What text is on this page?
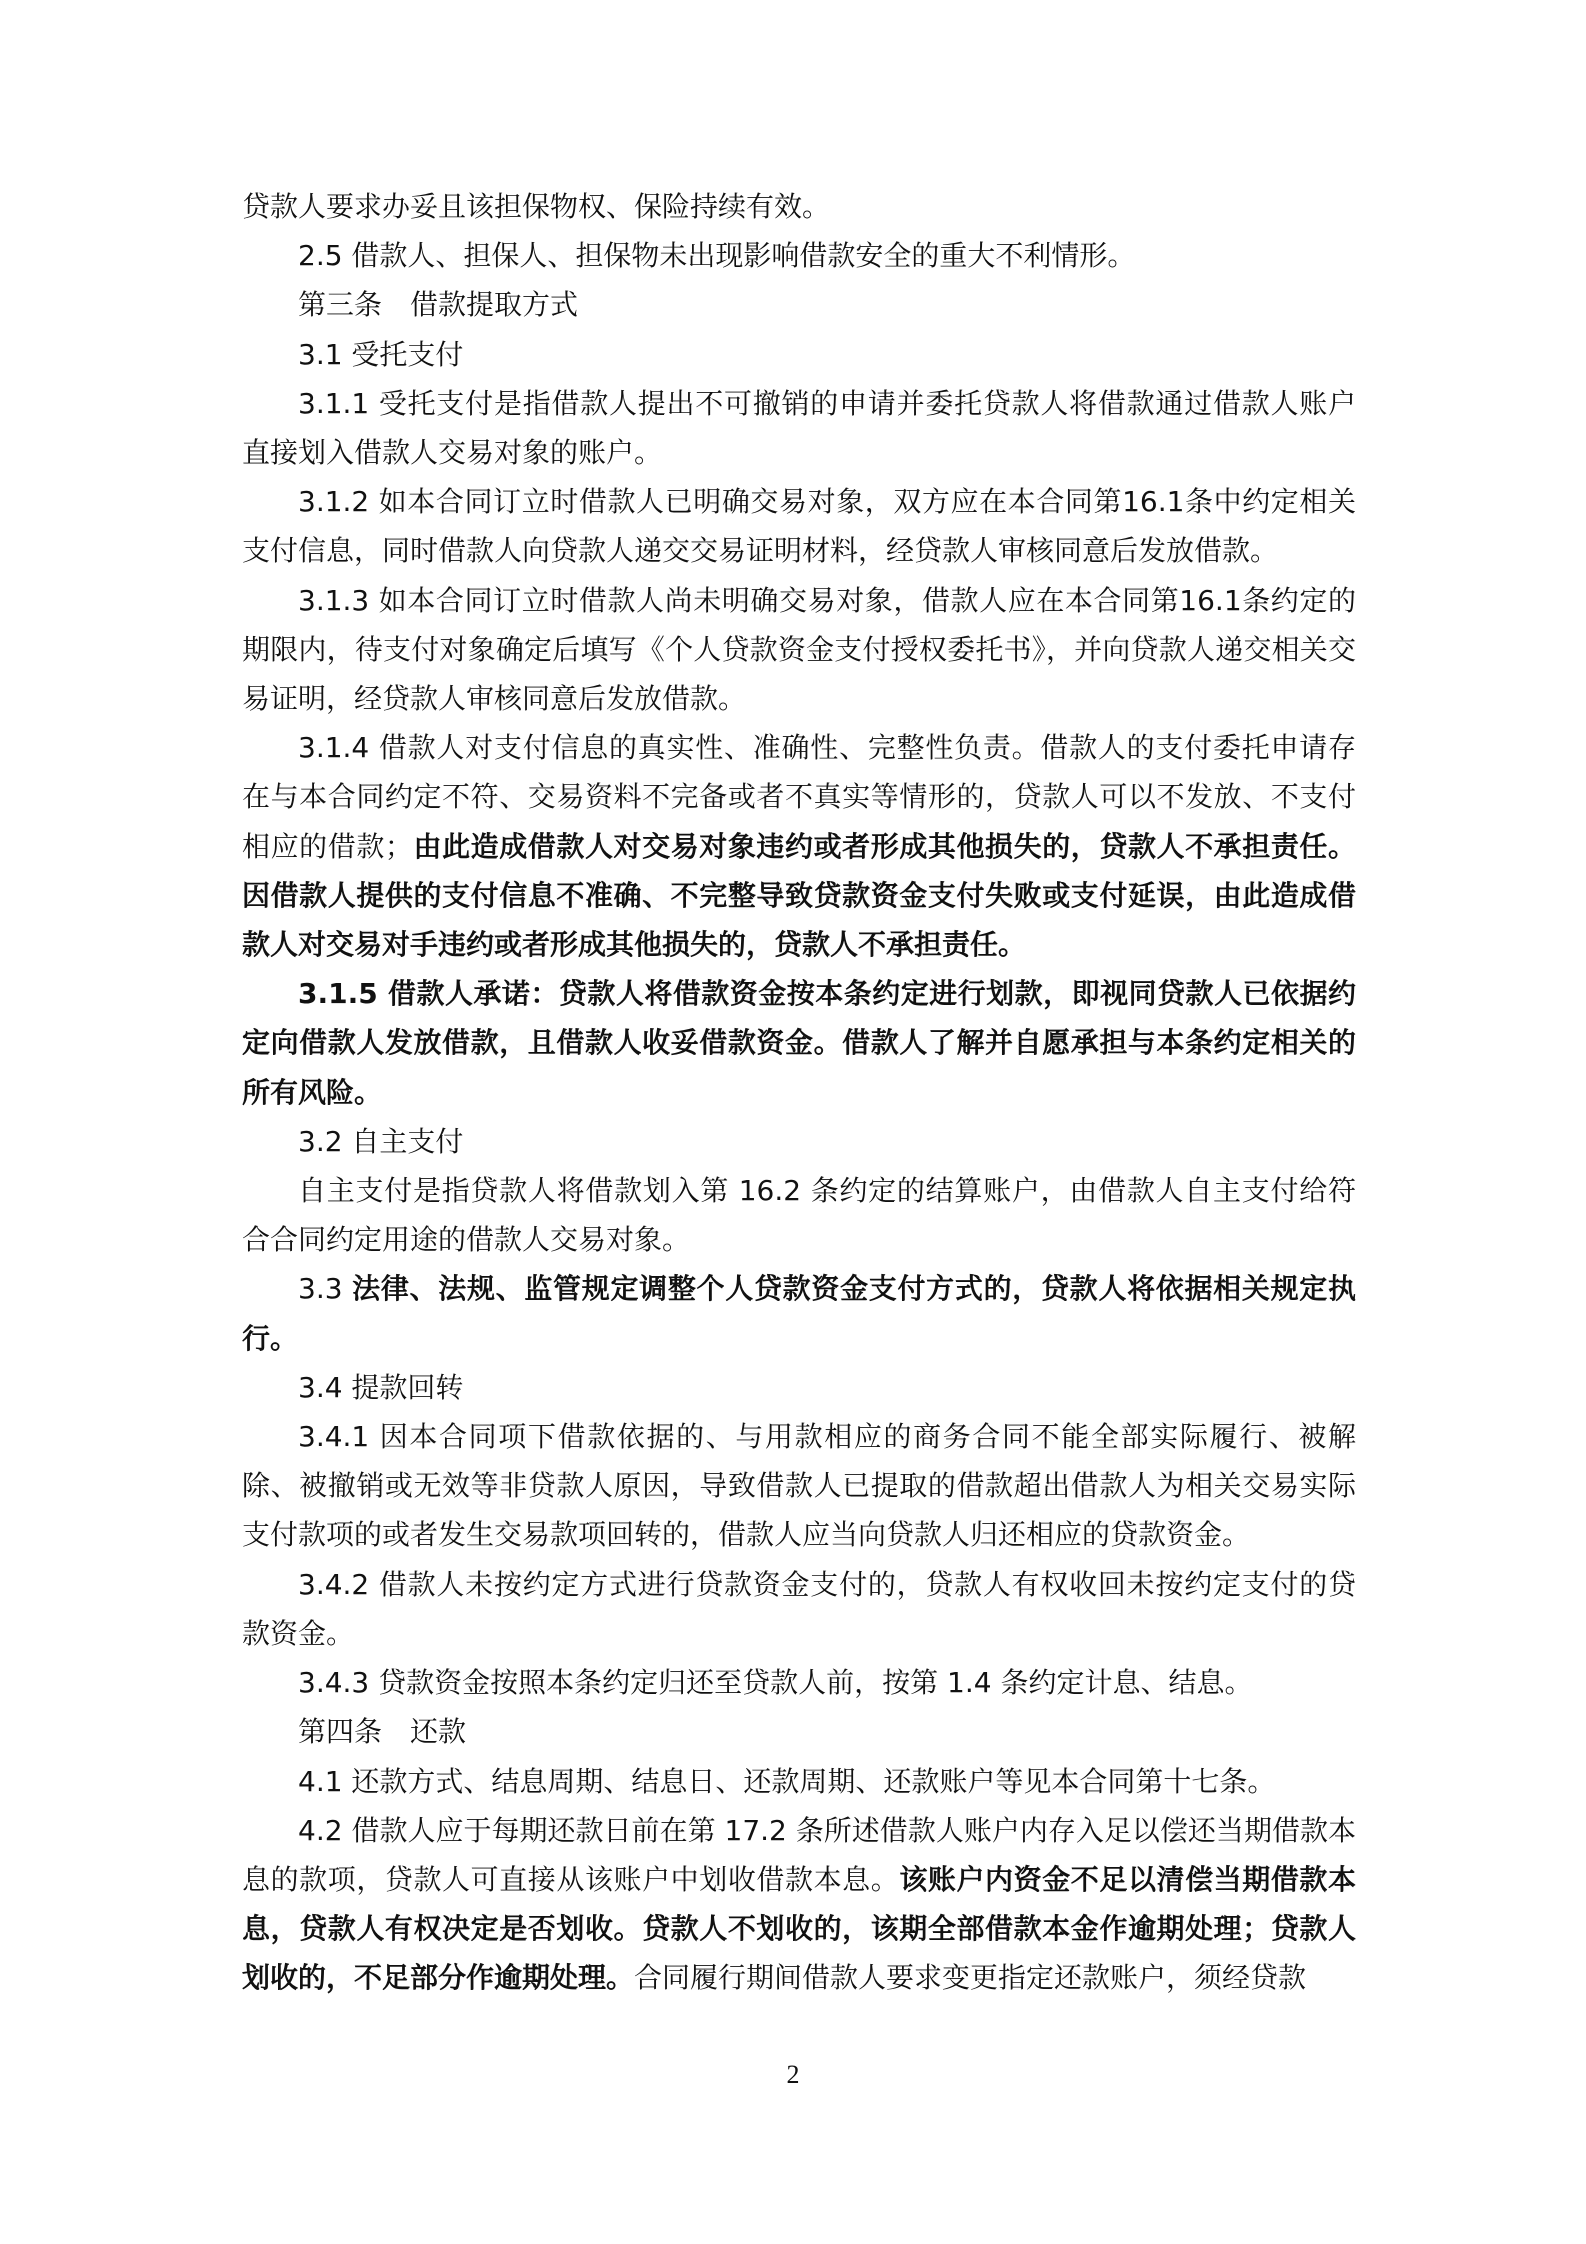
贷款人要求办妥且该担保物权、保险持续有效。

2.5 借款人、担保人、担保物未出现影响借款安全的重大不利情形。

第三条　借款提取方式

3.1 受托支付

3.1.1 受托支付是指借款人提出不可撤销的申请并委托贷款人将借款通过借款人账户直接划入借款人交易对象的账户。

3.1.2 如本合同订立时借款人已明确交易对象，双方应在本合同第16.1条中约定相关支付信息，同时借款人向贷款人递交交易证明材料，经贷款人审核同意后发放借款。

3.1.3 如本合同订立时借款人尚未明确交易对象，借款人应在本合同第16.1条约定的期限内，待支付对象确定后填写《个人贷款资金支付授权委托书》，并向贷款人递交相关交易证明，经贷款人审核同意后发放借款。

3.1.4 借款人对支付信息的真实性、准确性、完整性负责。借款人的支付委托申请存在与本合同约定不符、交易资料不完备或者不真实等情形的，贷款人可以不发放、不支付相应的借款；由此造成借款人对交易对象违约或者形成其他损失的，贷款人不承担责任。因借款人提供的支付信息不准确、不完整导致贷款资金支付失败或支付延误，由此造成借款人对交易对手违约或者形成其他损失的，贷款人不承担责任。

3.1.5 借款人承诺：贷款人将借款资金按本条约定进行划款，即视同贷款人已依据约定向借款人发放借款，且借款人收妥借款资金。借款人了解并自愿承担与本条约定相关的所有风险。

3.2 自主支付

自主支付是指贷款人将借款划入第 16.2 条约定的结算账户，由借款人自主支付给符合合同约定用途的借款人交易对象。

3.3 法律、法规、监管规定调整个人贷款资金支付方式的，贷款人将依据相关规定执行。

3.4 提款回转

3.4.1 因本合同项下借款依据的、与用款相应的商务合同不能全部实际履行、被解除、被撤销或无效等非贷款人原因，导致借款人已提取的借款超出借款人为相关交易实际支付款项的或者发生交易款项回转的，借款人应当向贷款人归还相应的贷款资金。

3.4.2 借款人未按约定方式进行贷款资金支付的，贷款人有权收回未按约定支付的贷款资金。

3.4.3 贷款资金按照本条约定归还至贷款人前，按第 1.4 条约定计息、结息。

第四条　还款

4.1 还款方式、结息周期、结息日、还款周期、还款账户等见本合同第十七条。

4.2 借款人应于每期还款日前在第 17.2 条所述借款人账户内存入足以偿还当期借款本息的款项，贷款人可直接从该账户中划收借款本息。该账户内资金不足以清偿当期借款本息，贷款人有权决定是否划收。贷款人不划收的，该期全部借款本金作逾期处理；贷款人划收的，不足部分作逾期处理。合同履行期间借款人要求变更指定还款账户，须经贷款

2
